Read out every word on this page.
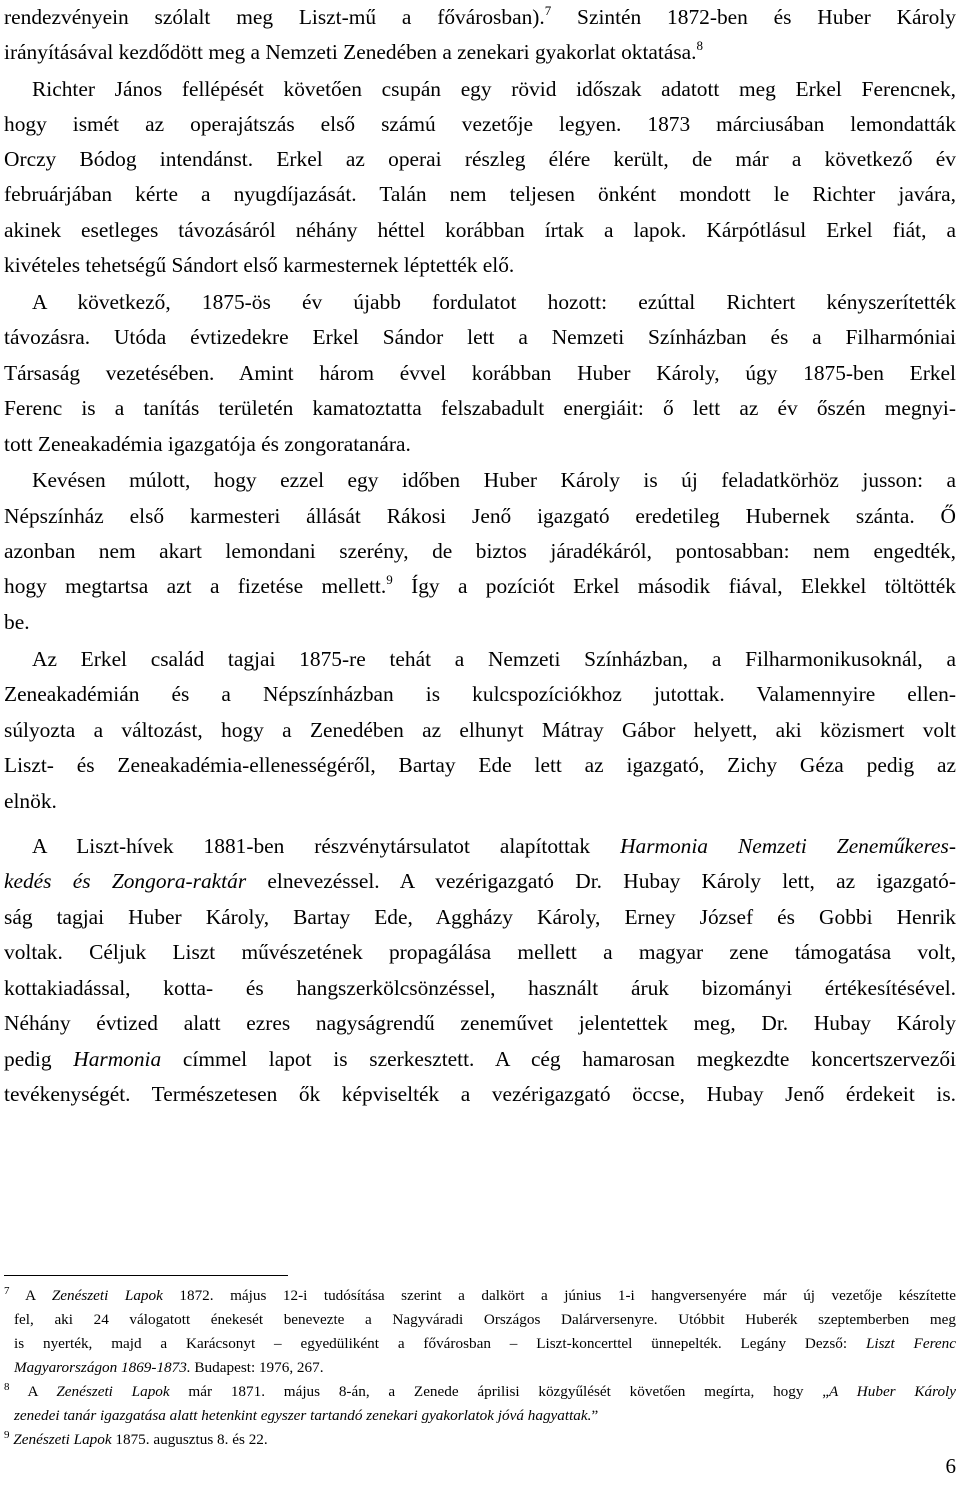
rendezvényein szólalt meg Liszt-mű a fővárosban).$^7$ Szintén 1872-ben és Huber Károly
irányításával kezdődött meg a Nemzeti Zenedében a zenekari gyakorlat oktatása.$^8$
Richter János fellépését követően csupán egy rövid időszak adatott meg Erkel Ferencnek,
hogy ismét az operajátszás első számú vezetője legyen. 1873 márciusában lemondatták
Orczy Bódog intendánst. Erkel az operai részleg élére került, de már a következő év
februárjában kérte a nyugdíjazását. Talán nem teljesen önként mondott le Richter javára,
akinek esetleges távozásáról néhány héttel korábban írtak a lapok. Kárpótlásul Erkel fiát, a
kivételes tehetségű Sándort első karmesternek léptették elő.
A következő, 1875-ös év újabb fordulatot hozott: ezúttal Richtert kényszerítették
távozásra. Utóda évtizedekre Erkel Sándor lett a Nemzeti Színházban és a Filharmóniai
Társaság vezetésében. Amint három évvel korábban Huber Károly, úgy 1875-ben Erkel
Ferenc is a tanítás területén kamatoztatta felszabadult energiáit: ő lett az év őszén megnyi-
tott Zeneakadémia igazgatója és zongoratanára.
Kevésen múlott, hogy ezzel egy időben Huber Károly is új feladatkörhöz jusson: a
Népszínház első karmesteri állását Rákosi Jenő igazgató eredetileg Hubernek szánta. Ő
azonban nem akart lemondani szerény, de biztos járadékáról, pontosabban: nem engedték,
hogy megtartsa azt a fizetése mellett.$^9$ Így a pozíciót Erkel második fiával, Elekkel töltötték
be.
Az Erkel család tagjai 1875-re tehát a Nemzeti Színházban, a Filharmonikusoknál, a
Zeneakadémián és a Népszínházban is kulcspozíciókhoz jutottak. Valamennyire ellen-
súlyozta a változást, hogy a Zenedében az elhunyt Mátray Gábor helyett, aki közismert volt
Liszt- és Zeneakadémia-ellenességéről, Bartay Ede lett az igazgató, Zichy Géza pedig az
elnök.
A Liszt-hívek 1881-ben részvénytársulatot alapítottak Harmonia Nemzeti Zeneműkeres-
kedés és Zongora-raktár elnevezéssel. A vezérigazgató Dr. Hubay Károly lett, az igazgató-
ság tagjai Huber Károly, Bartay Ede, Aggházy Károly, Erney József és Gobbi Henrik
voltak. Céljuk Liszt művészetének propagálása mellett a magyar zene támogatása volt,
kottakiadással, kotta- és hangszerkölcsönzéssel, használt áruk bizományi értékesítésével.
Néhány évtized alatt ezres nagyságrendű zeneművet jelentettek meg, Dr. Hubay Károly
pedig Harmonia címmel lapot is szerkesztett. A cég hamarosan megkezdte koncertszervezői
tevékenységét. Természetesen ők képviselték a vezérigazgató öccse, Hubay Jenő érdekeit is.
$^7$ A Zenészeti Lapok 1872. május 12-i tudósítása szerint a dalkört a június 1-i hangversenyére már új vezetője készítette
fel, aki 24 válogatott énekesét benevezte a Nagyváradi Országos Dalárversenyre. Utóbbit Huberék szeptemberben meg
is nyerték, majd a Karácsonyt – egyedüliként a fővárosban – Liszt-koncerttel ünnepelték. Legány Dezső: Liszt Ferenc
Magyarországon 1869-1873. Budapest: 1976, 267.
$^8$ A Zenészeti Lapok már 1871. május 8-án, a Zenede áprilisi közgyűlését követően megírta, hogy „A Huber Károly
zenedei tanár igazgatása alatt hetenkint egyszer tartandó zenekari gyakorlatok jóvá hagyattak.”
$^9$ Zenészeti Lapok 1875. augusztus 8. és 22.
6
